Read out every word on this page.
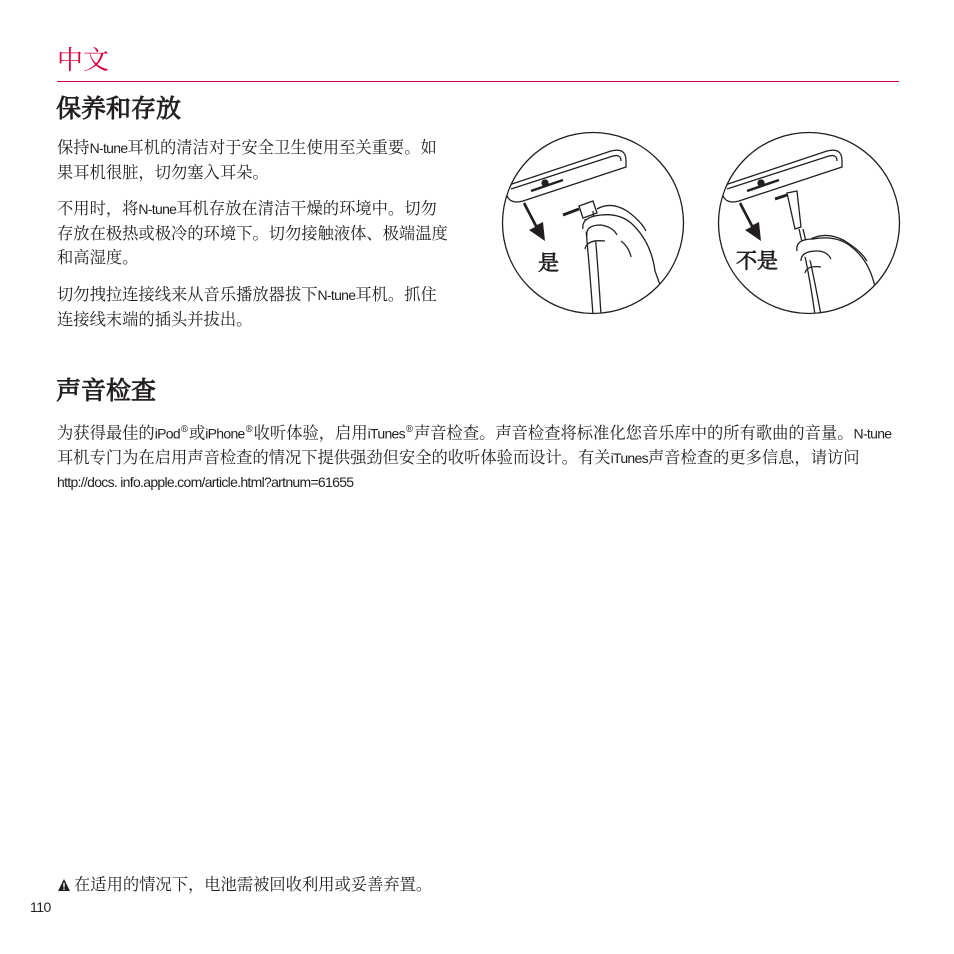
中文
保养和存放

保持N-tune耳机的清洁对于安全卫生使用至关重要。如果耳机很脏，切勿塞入耳朵。

不用时，将N-tune耳机存放在清洁干燥的环境中。切勿存放在极热或极冷的环境下。切勿接触液体、极端温度和高湿度。

切勿拽拉连接线来从音乐播放器拔下N-tune耳机。抓住连接线末端的插头并拔出。

是	不是
声音检查

为获得最佳的iPod®或iPhone®收听体验，启用iTunes®声音检查。声音检查将标准化您音乐库中的所有歌曲的音量。N-tune耳机专门为在启用声音检查的情况下提供强劲但安全的收听体验而设计。有关iTunes声音检查的更多信息，请访问http://docs. info.apple.com/article.html?artnum=61655

在适用的情况下，电池需被回收利用或妥善弃置。
110
